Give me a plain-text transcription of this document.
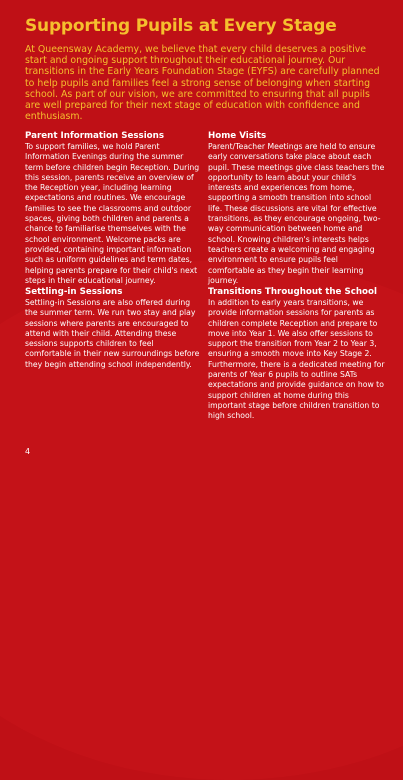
Supporting Pupils at Every Stage

At Queensway Academy, we believe that every child deserves a positive start and ongoing support throughout their educational journey. Our transitions in the Early Years Foundation Stage (EYFS) are carefully planned to help pupils and families feel a strong sense of belonging when starting school. As part of our vision, we are committed to ensuring that all pupils are well prepared for their next stage of education with confidence and enthusiasm.

Parent Information Sessions

To support families, we hold Parent Information Evenings during the summer term before children begin Reception. During this session, parents receive an overview of the Reception year, including learning expectations and routines. We encourage families to see the classrooms and outdoor spaces, giving both children and parents a chance to familiarise themselves with the school environment. Welcome packs are provided, containing important information such as uniform guidelines and term dates, helping parents prepare for their child's next steps in their educational journey.

Settling-in Sessions

Settling-in Sessions are also offered during the summer term. We run two stay and play sessions where parents are encouraged to attend with their child. Attending these sessions supports children to feel comfortable in their new surroundings before they begin attending school independently.

Home Visits

Parent/Teacher Meetings are held to ensure early conversations take place about each pupil. These meetings give class teachers the opportunity to learn about your child's interests and experiences from home, supporting a smooth transition into school life. These discussions are vital for effective transitions, as they encourage ongoing, two-way communication between home and school. Knowing children's interests helps teachers create a welcoming and engaging environment to ensure pupils feel comfortable as they begin their learning journey.

Transitions Throughout the School

In addition to early years transitions, we provide information sessions for parents as children complete Reception and prepare to move into Year 1. We also offer sessions to support the transition from Year 2 to Year 3, ensuring a smooth move into Key Stage 2. Furthermore, there is a dedicated meeting for parents of Year 6 pupils to outline SATs expectations and provide guidance on how to support children at home during this important stage before children transition to high school.

4
